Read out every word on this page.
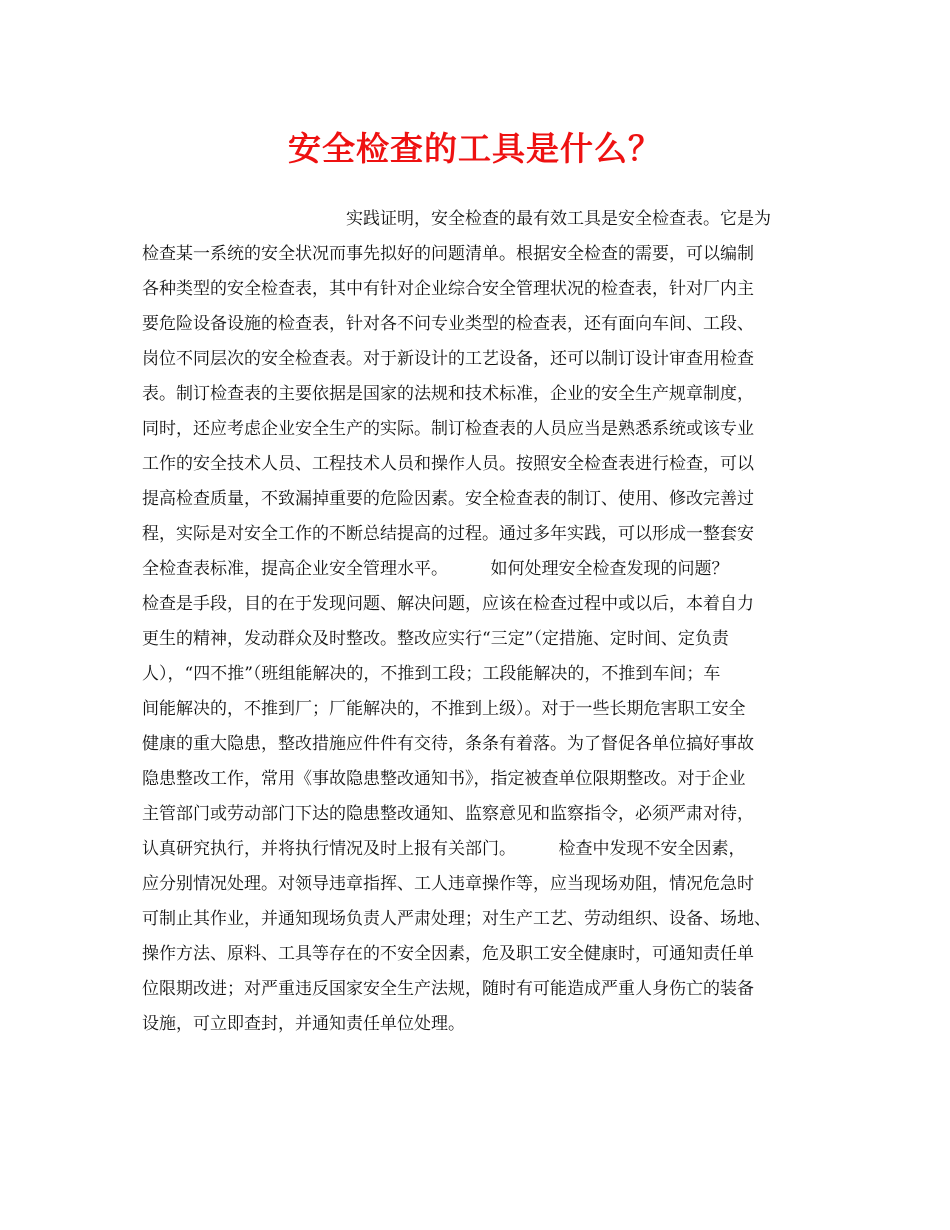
安全检查的工具是什么？
实践证明，安全检查的最有效工具是安全检查表。它是为
检查某一系统的安全状况而事先拟好的问题清单。根据安全检查的需要，可以编制
各种类型的安全检查表，其中有针对企业综合安全管理状况的检查表，针对厂内主
要危险设备设施的检查表，针对各不问专业类型的检查表，还有面向车间、工段、
岗位不同层次的安全检查表。对于新设计的工艺设备，还可以制订设计审查用检查
表。制订检查表的主要依据是国家的法规和技术标准，企业的安全生产规章制度，
同时，还应考虑企业安全生产的实际。制订检查表的人员应当是熟悉系统或该专业
工作的安全技术人员、工程技术人员和操作人员。按照安全检查表进行检查，可以
提高检查质量，不致漏掉重要的危险因素。安全检查表的制订、使用、修改完善过
程，实际是对安全工作的不断总结提高的过程。通过多年实践，可以形成一整套安
全检查表标准，提高企业安全管理水平。　　　如何处理安全检查发现的问题？
检查是手段，目的在于发现问题、解决问题，应该在检查过程中或以后，本着自力
更生的精神，发动群众及时整改。整改应实行“三定”（定措施、定时间、定负责
人），“四不推”（班组能解决的，不推到工段；工段能解决的，不推到车间；车
间能解决的，不推到厂；厂能解决的，不推到上级）。对于一些长期危害职工安全
健康的重大隐患，整改措施应件件有交待，条条有着落。为了督促各单位搞好事故
隐患整改工作，常用《事故隐患整改通知书》，指定被查单位限期整改。对于企业
主管部门或劳动部门下达的隐患整改通知、监察意见和监察指令，必须严肃对待，
认真研究执行，并将执行情况及时上报有关部门。　　　检查中发现不安全因素，
应分别情况处理。对领导违章指挥、工人违章操作等，应当现场劝阻，情况危急时
可制止其作业，并通知现场负责人严肃处理；对生产工艺、劳动组织、设备、场地、
操作方法、原料、工具等存在的不安全因素，危及职工安全健康时，可通知责任单
位限期改进；对严重违反国家安全生产法规，随时有可能造成严重人身伤亡的装备
设施，可立即查封，并通知责任单位处理。
